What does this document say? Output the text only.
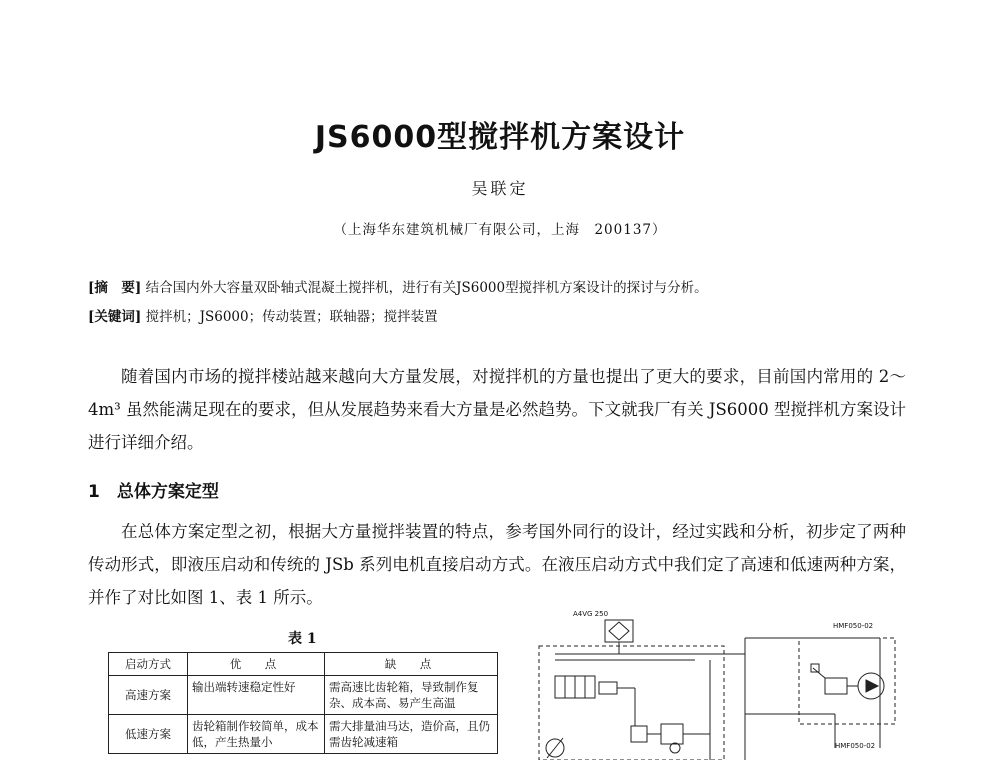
JS6000型搅拌机方案设计
吴联定
（上海华东建筑机械厂有限公司，上海　200137）
[摘　要] 结合国内外大容量双卧轴式混凝土搅拌机，进行有关JS6000型搅拌机方案设计的探讨与分析。
[关键词] 搅拌机；JS6000；传动装置；联轴器；搅拌装置
随着国内市场的搅拌楼站越来越向大方量发展，对搅拌机的方量也提出了更大的要求，目前国内常用的 2～4m³ 虽然能满足现在的要求，但从发展趋势来看大方量是必然趋势。下文就我厂有关 JS6000 型搅拌机方案设计进行详细介绍。
1　总体方案定型
在总体方案定型之初，根据大方量搅拌装置的特点，参考国外同行的设计，经过实践和分析，初步定了两种传动形式，即液压启动和传统的 JSb 系列电机直接启动方式。在液压启动方式中我们定了高速和低速两种方案，并作了对比如图 1、表 1 所示。
表 1
启动方式	优　点	缺　点
高速方案	输出端转速稳定性好	需高速比齿轮箱，导致制作复杂、成本高、易产生高温
低速方案	齿轮箱制作较简单，成本低，产生热量小	需大排量油马达，造价高，且仍需齿轮减速箱
A4VG 250
HMF050-02
HMF050-02
